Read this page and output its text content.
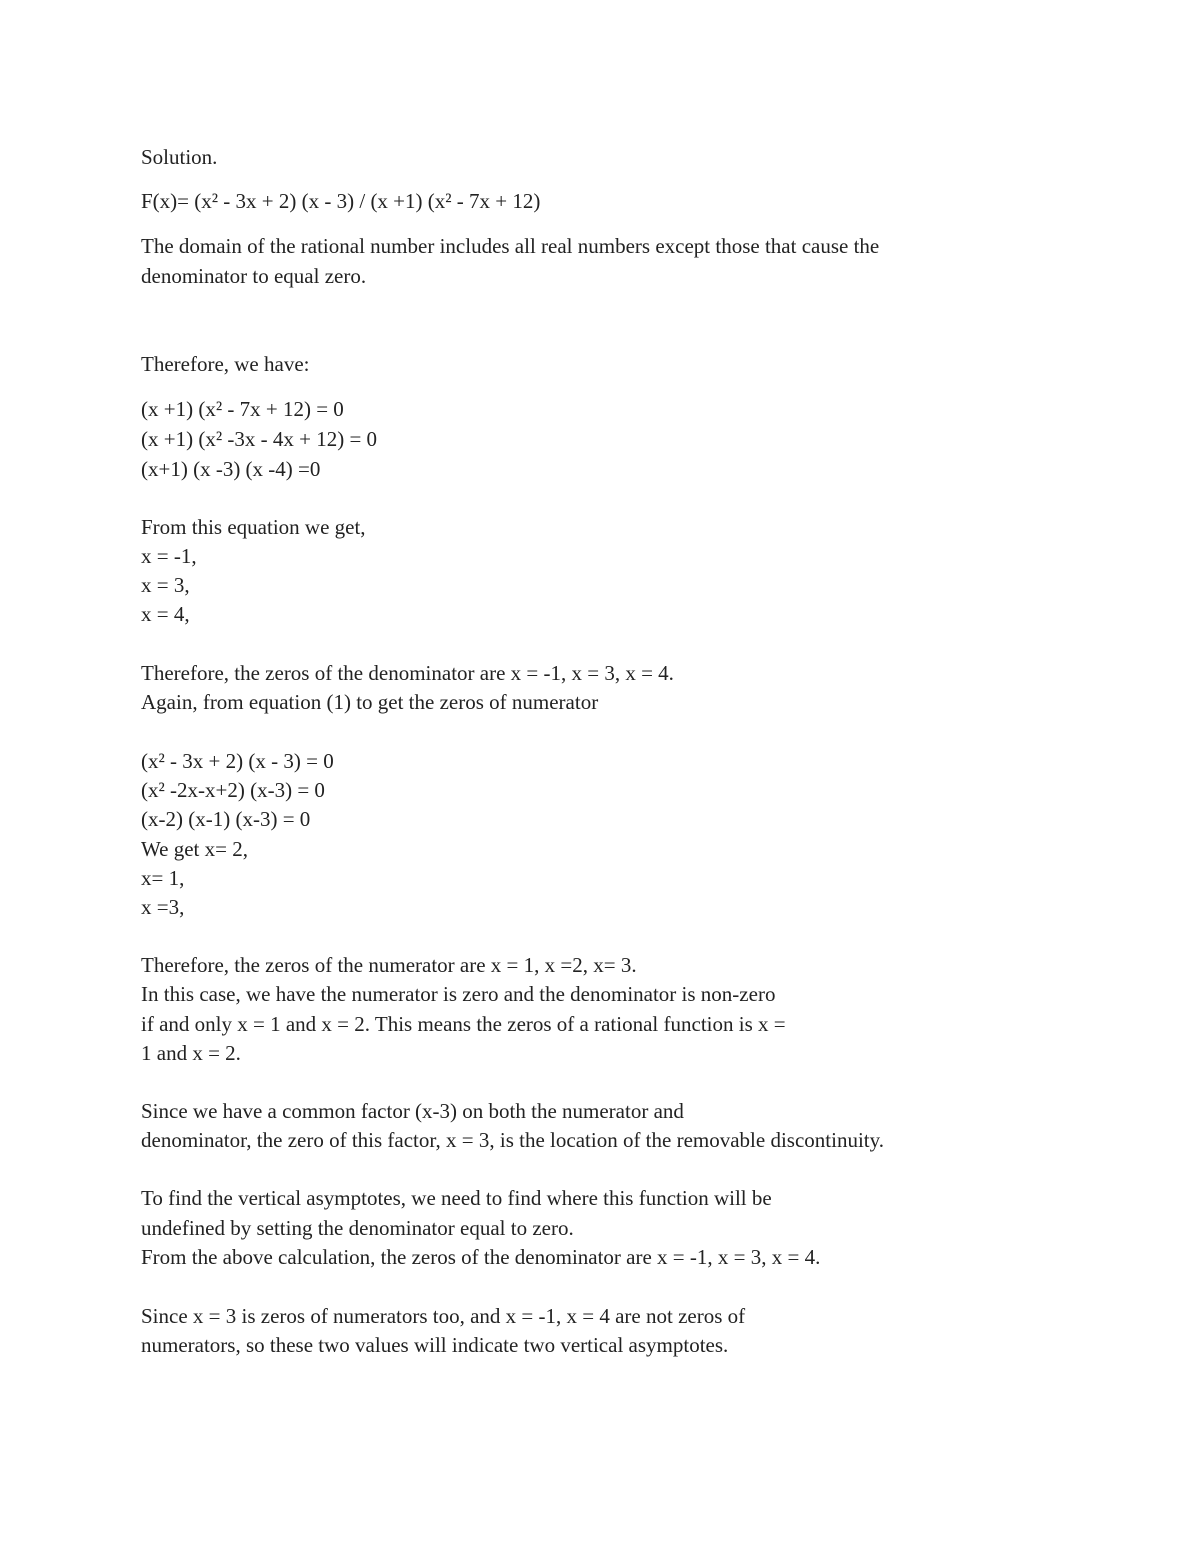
Solution.

F(x)= (x² - 3x + 2) (x - 3) / (x +1) (x² - 7x + 12)

The domain of the rational number includes all real numbers except those that cause the

denominator to equal zero.

Therefore, we have:

(x +1) (x² - 7x + 12) = 0

(x +1) (x² -3x - 4x + 12) = 0

(x+1) (x -3) (x -4) =0

From this equation we get,

x = -1,

x = 3,

x = 4,

Therefore, the zeros of the denominator are x = -1, x = 3, x = 4.

Again, from equation (1) to get the zeros of numerator

(x² - 3x + 2) (x - 3) = 0

(x² -2x-x+2) (x-3) = 0

(x-2) (x-1) (x-3) = 0

We get x= 2,

x= 1,

x =3,

Therefore, the zeros of the numerator are x = 1, x =2, x= 3.

In this case, we have the numerator is zero and the denominator is non-zero

if and only x = 1 and x = 2. This means the zeros of a rational function is x =

1 and x = 2.

Since we have a common factor (x-3) on both the numerator and

denominator, the zero of this factor, x = 3, is the location of the removable discontinuity.

To find the vertical asymptotes, we need to find where this function will be

undefined by setting the denominator equal to zero.

From the above calculation, the zeros of the denominator are x = -1, x = 3, x = 4.

Since x = 3 is zeros of numerators too, and x = -1, x = 4 are not zeros of

numerators, so these two values will indicate two vertical asymptotes.
